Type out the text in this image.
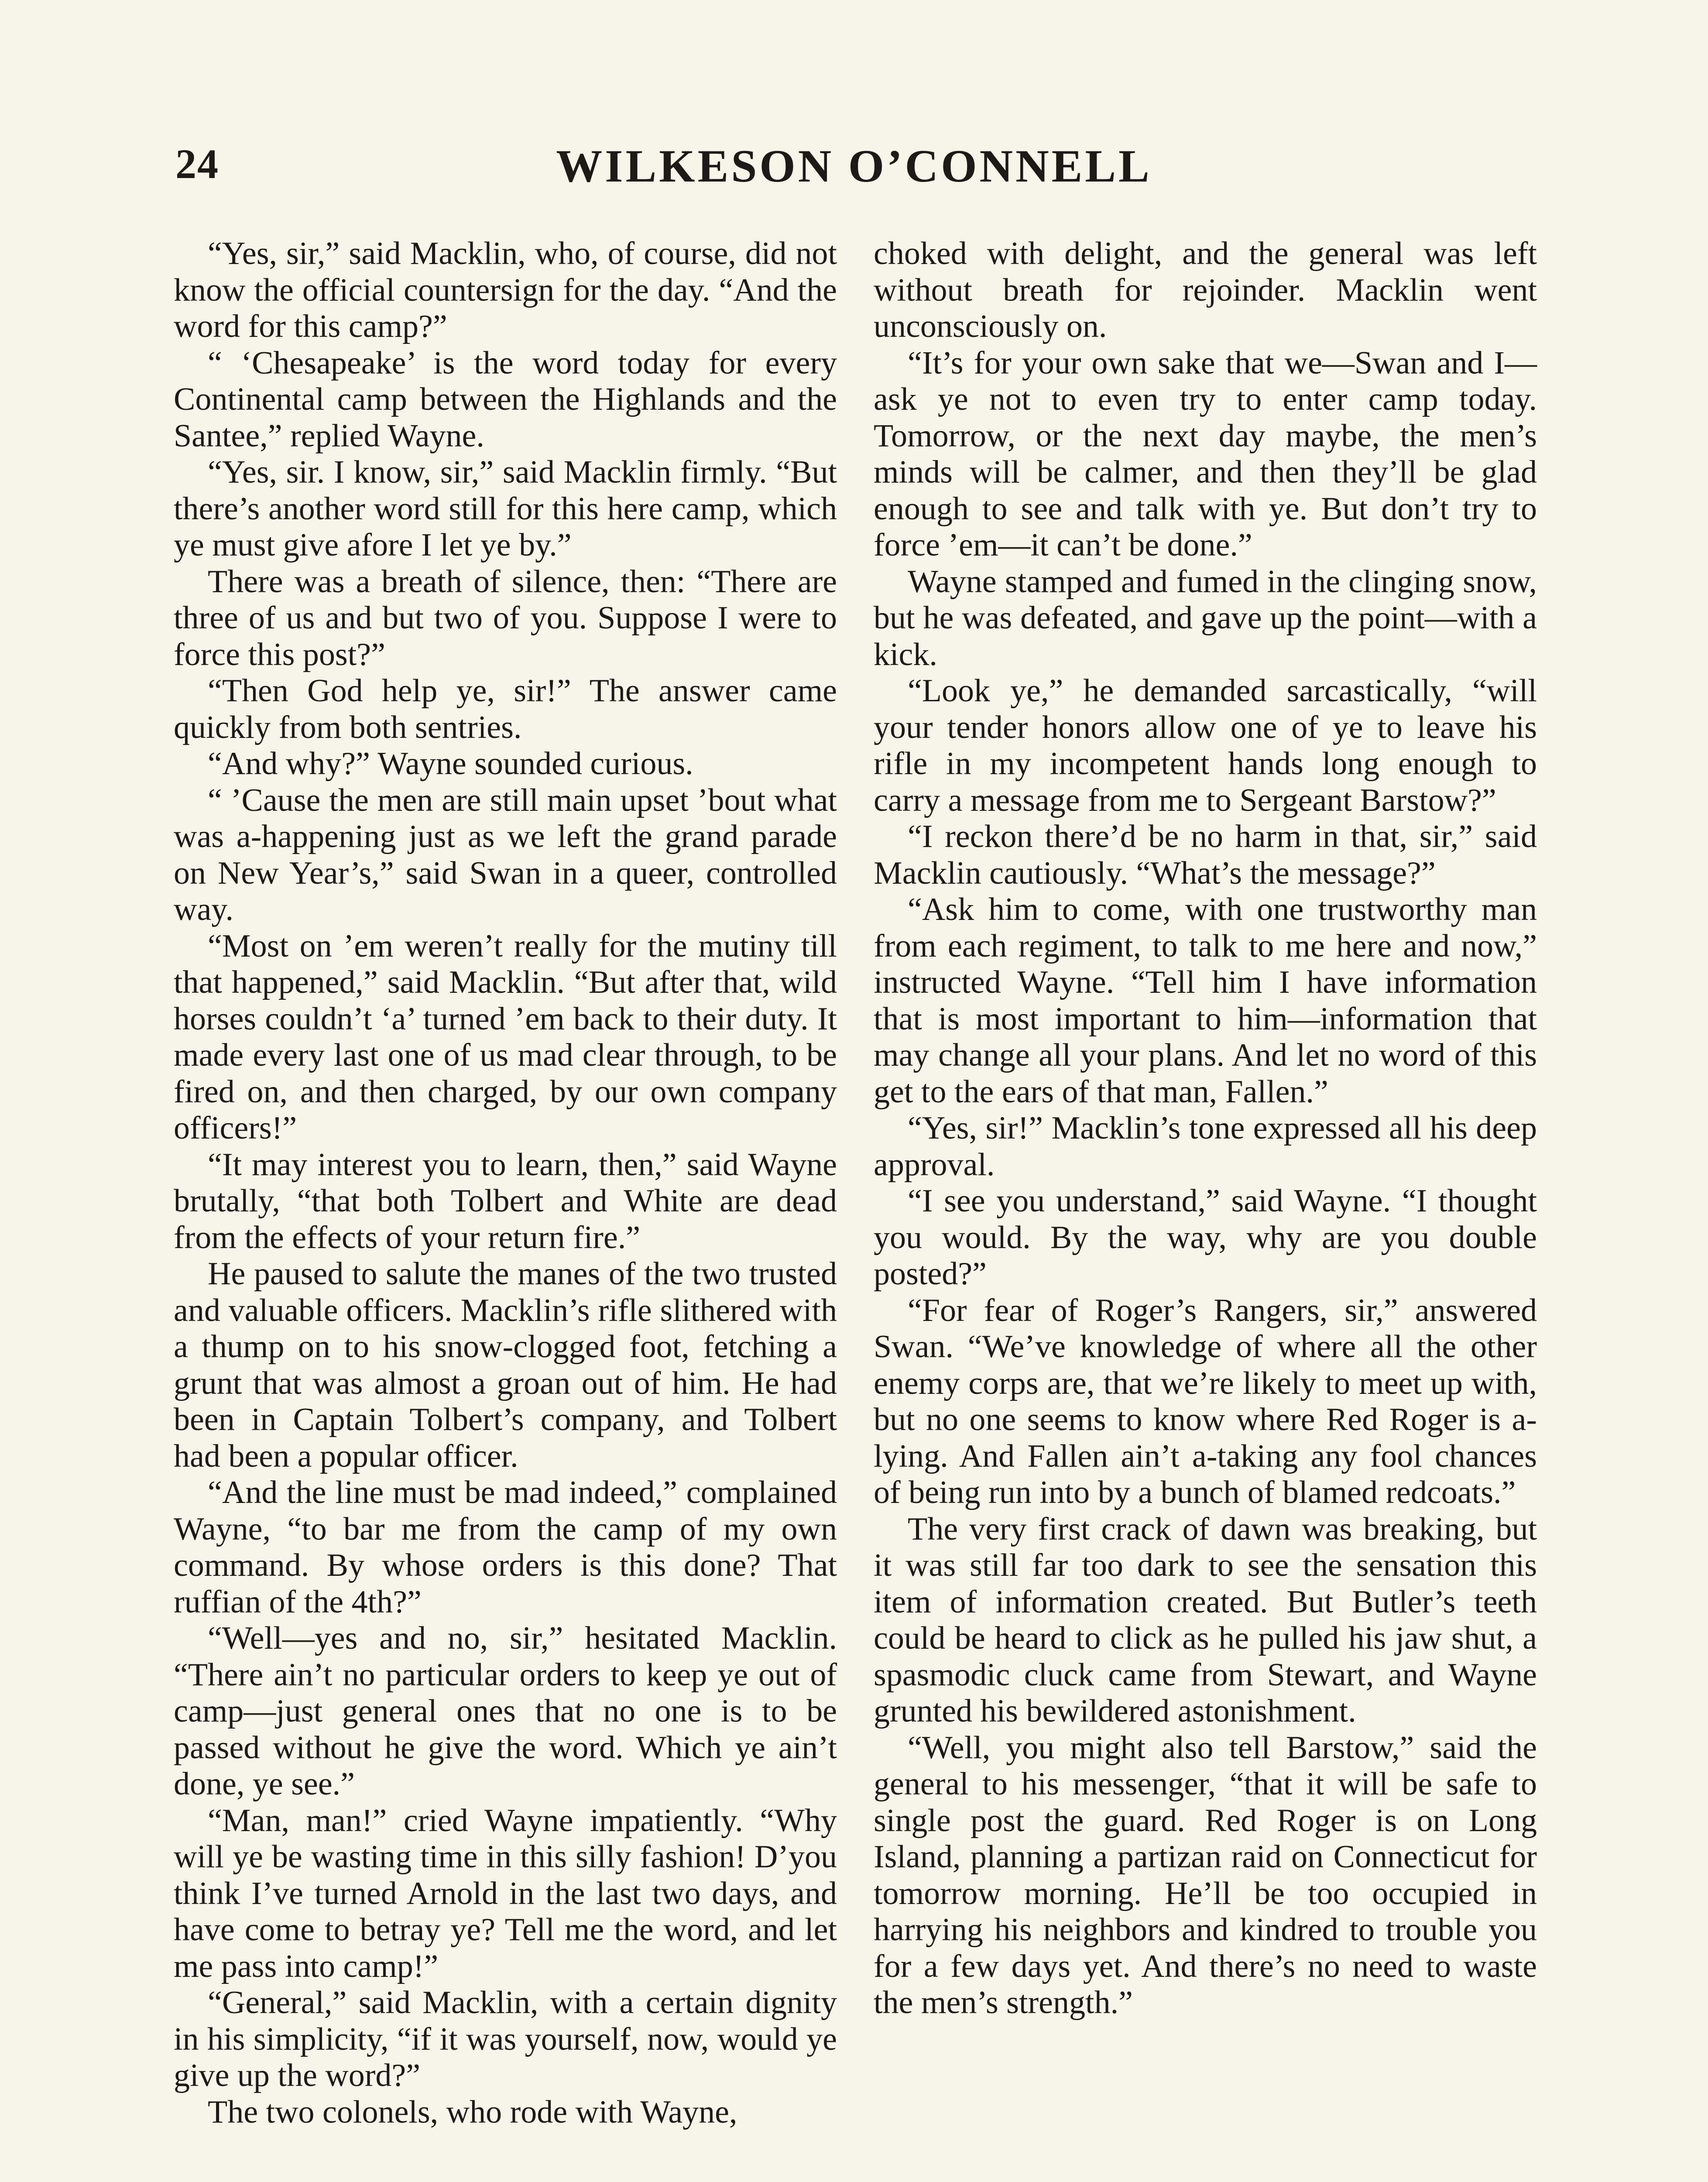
24	WILKESON O’CONNELL

“Yes, sir,” said Macklin, who, of course, did not know the official countersign for the day. “And the word for this camp?”

“ ‘Chesapeake’ is the word today for every Continental camp between the Highlands and the Santee,” replied Wayne.

“Yes, sir. I know, sir,” said Macklin firmly. “But there’s another word still for this here camp, which ye must give afore I let ye by.”

There was a breath of silence, then: “There are three of us and but two of you. Suppose I were to force this post?”

“Then God help ye, sir!” The answer came quickly from both sentries.

“And why?” Wayne sounded curious.

“ ’Cause the men are still main upset ’bout what was a-happening just as we left the grand parade on New Year’s,” said Swan in a queer, controlled way.

“Most on ’em weren’t really for the mutiny till that happened,” said Macklin. “But after that, wild horses couldn’t ‘a’ turned ’em back to their duty. It made every last one of us mad clear through, to be fired on, and then charged, by our own company officers!”

“It may interest you to learn, then,” said Wayne brutally, “that both Tolbert and White are dead from the effects of your return fire.”

He paused to salute the manes of the two trusted and valuable officers. Macklin’s rifle slithered with a thump on to his snow-clogged foot, fetching a grunt that was almost a groan out of him. He had been in Captain Tolbert’s company, and Tolbert had been a popular officer.

“And the line must be mad indeed,” complained Wayne, “to bar me from the camp of my own command. By whose orders is this done? That ruffian of the 4th?”

“Well—yes and no, sir,” hesitated Macklin. “There ain’t no particular orders to keep ye out of camp—just general ones that no one is to be passed without he give the word. Which ye ain’t done, ye see.”

“Man, man!” cried Wayne impatiently. “Why will ye be wasting time in this silly fashion! D’you think I’ve turned Arnold in the last two days, and have come to betray ye? Tell me the word, and let me pass into camp!”

“General,” said Macklin, with a certain dignity in his simplicity, “if it was yourself, now, would ye give up the word?”

The two colonels, who rode with Wayne,

choked with delight, and the general was left without breath for rejoinder. Macklin went unconsciously on.

“It’s for your own sake that we—Swan and I—ask ye not to even try to enter camp today. Tomorrow, or the next day maybe, the men’s minds will be calmer, and then they’ll be glad enough to see and talk with ye. But don’t try to force ’em—it can’t be done.”

Wayne stamped and fumed in the clinging snow, but he was defeated, and gave up the point—with a kick.

“Look ye,” he demanded sarcastically, “will your tender honors allow one of ye to leave his rifle in my incompetent hands long enough to carry a message from me to Sergeant Barstow?”

“I reckon there’d be no harm in that, sir,” said Macklin cautiously. “What’s the message?”

“Ask him to come, with one trustworthy man from each regiment, to talk to me here and now,” instructed Wayne. “Tell him I have information that is most important to him—information that may change all your plans. And let no word of this get to the ears of that man, Fallen.”

“Yes, sir!” Macklin’s tone expressed all his deep approval.

“I see you understand,” said Wayne. “I thought you would. By the way, why are you double posted?”

“For fear of Roger’s Rangers, sir,” answered Swan. “We’ve knowledge of where all the other enemy corps are, that we’re likely to meet up with, but no one seems to know where Red Roger is a-lying. And Fallen ain’t a-taking any fool chances of being run into by a bunch of blamed redcoats.”

The very first crack of dawn was breaking, but it was still far too dark to see the sensation this item of information created. But Butler’s teeth could be heard to click as he pulled his jaw shut, a spasmodic cluck came from Stewart, and Wayne grunted his bewildered astonishment.

“Well, you might also tell Barstow,” said the general to his messenger, “that it will be safe to single post the guard. Red Roger is on Long Island, planning a partizan raid on Connecticut for tomorrow morning. He’ll be too occupied in harrying his neighbors and kindred to trouble you for a few days yet. And there’s no need to waste the men’s strength.”
